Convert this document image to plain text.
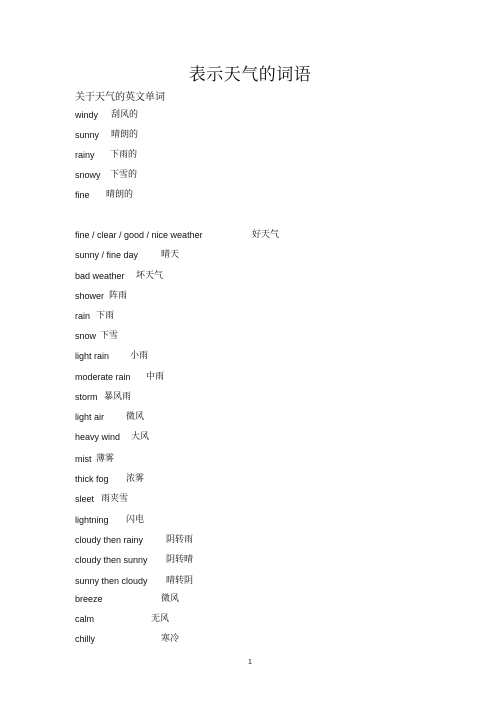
表示天气的词语
关于天气的英文单词
windy 刮风的
sunny 晴朗的
rainy 下雨的
snowy 下雪的
fine 晴朗的
fine / clear / good / nice weather	好天气
sunny / fine day	晴天
bad weather 坏天气
shower 阵雨
rain 下雨
snow 下雪
light rain 小雨
moderate rain 中雨
storm 暴风雨
light air 微风
heavy wind 大风
mist 薄雾
thick fog 浓雾
sleet 雨夹雪
lightning 闪电
cloudy then rainy	阴转雨
cloudy then sunny 阴转晴
sunny then cloudy 晴转阴
breeze	微风
calm	无风
chilly	寒冷
1
